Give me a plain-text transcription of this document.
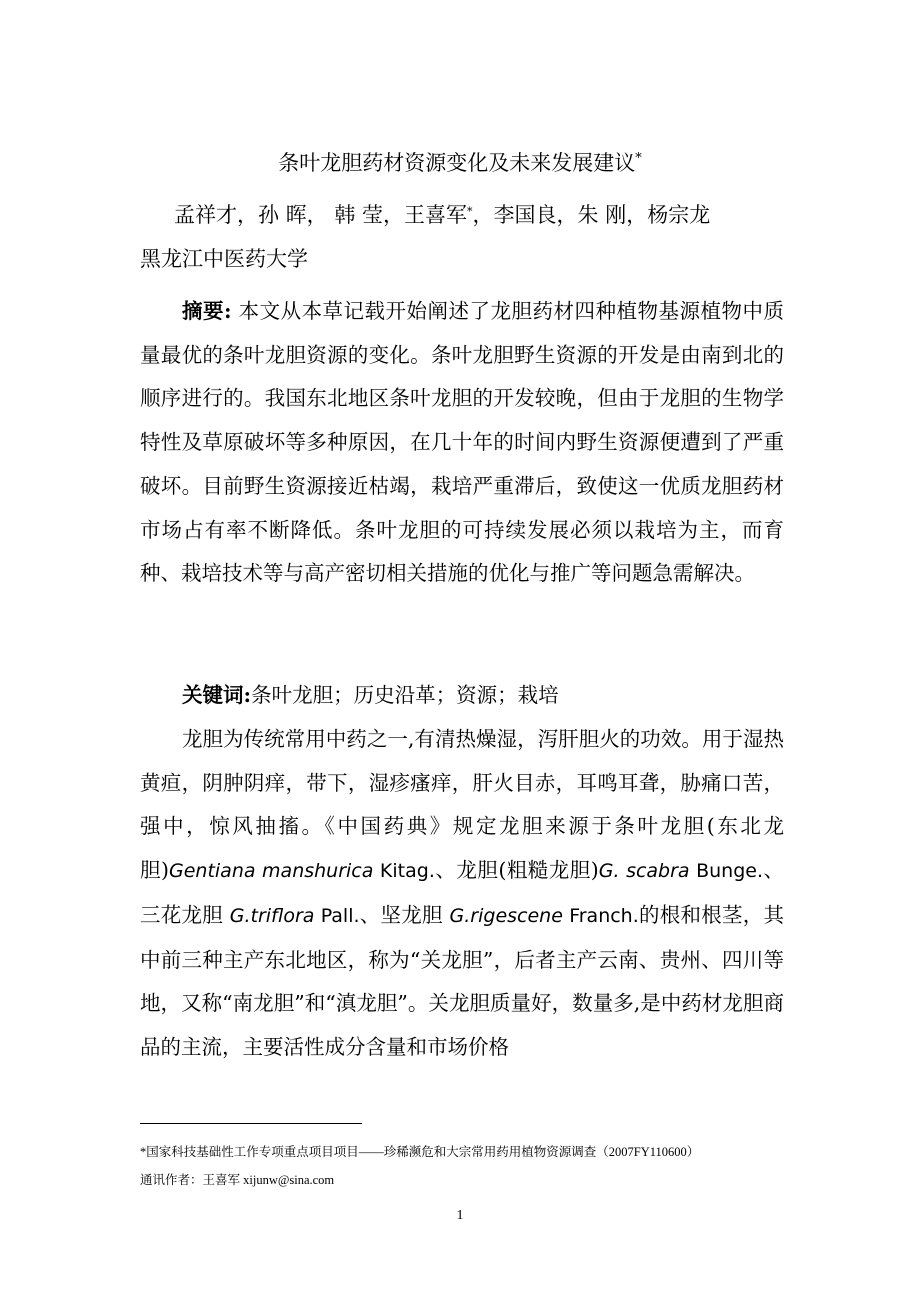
条叶龙胆药材资源变化及未来发展建议*
孟祥才，孙 晖， 韩 莹，王喜军*，李国良，朱 刚，杨宗龙
黑龙江中医药大学
摘要: 本文从本草记载开始阐述了龙胆药材四种植物基源植物中质量最优的条叶龙胆资源的变化。条叶龙胆野生资源的开发是由南到北的顺序进行的。我国东北地区条叶龙胆的开发较晚，但由于龙胆的生物学特性及草原破坏等多种原因，在几十年的时间内野生资源便遭到了严重破坏。目前野生资源接近枯竭，栽培严重滞后，致使这一优质龙胆药材市场占有率不断降低。条叶龙胆的可持续发展必须以栽培为主，而育种、栽培技术等与高产密切相关措施的优化与推广等问题急需解决。
关键词:条叶龙胆；历史沿革；资源；栽培
龙胆为传统常用中药之一,有清热燥湿，泻肝胆火的功效。用于湿热黄疸，阴肿阴痒，带下，湿疹瘙痒，肝火目赤，耳鸣耳聋，胁痛口苦，强中，惊风抽搐。《中国药典》规定龙胆来源于条叶龙胆(东北龙胆)Gentiana manshurica Kitag.、龙胆(粗糙龙胆)G. scabra Bunge.、三花龙胆 G.triflora Pall.、坚龙胆 G.rigescene Franch.的根和根茎，其中前三种主产东北地区，称为“关龙胆”，后者主产云南、贵州、四川等地，又称“南龙胆”和“滇龙胆”。关龙胆质量好，数量多,是中药材龙胆商品的主流，主要活性成分含量和市场价格
*国家科技基础性工作专项重点项目项目——珍稀濒危和大宗常用药用植物资源调查（2007FY110600）
通讯作者：王喜军 xijunw@sina.com
1
